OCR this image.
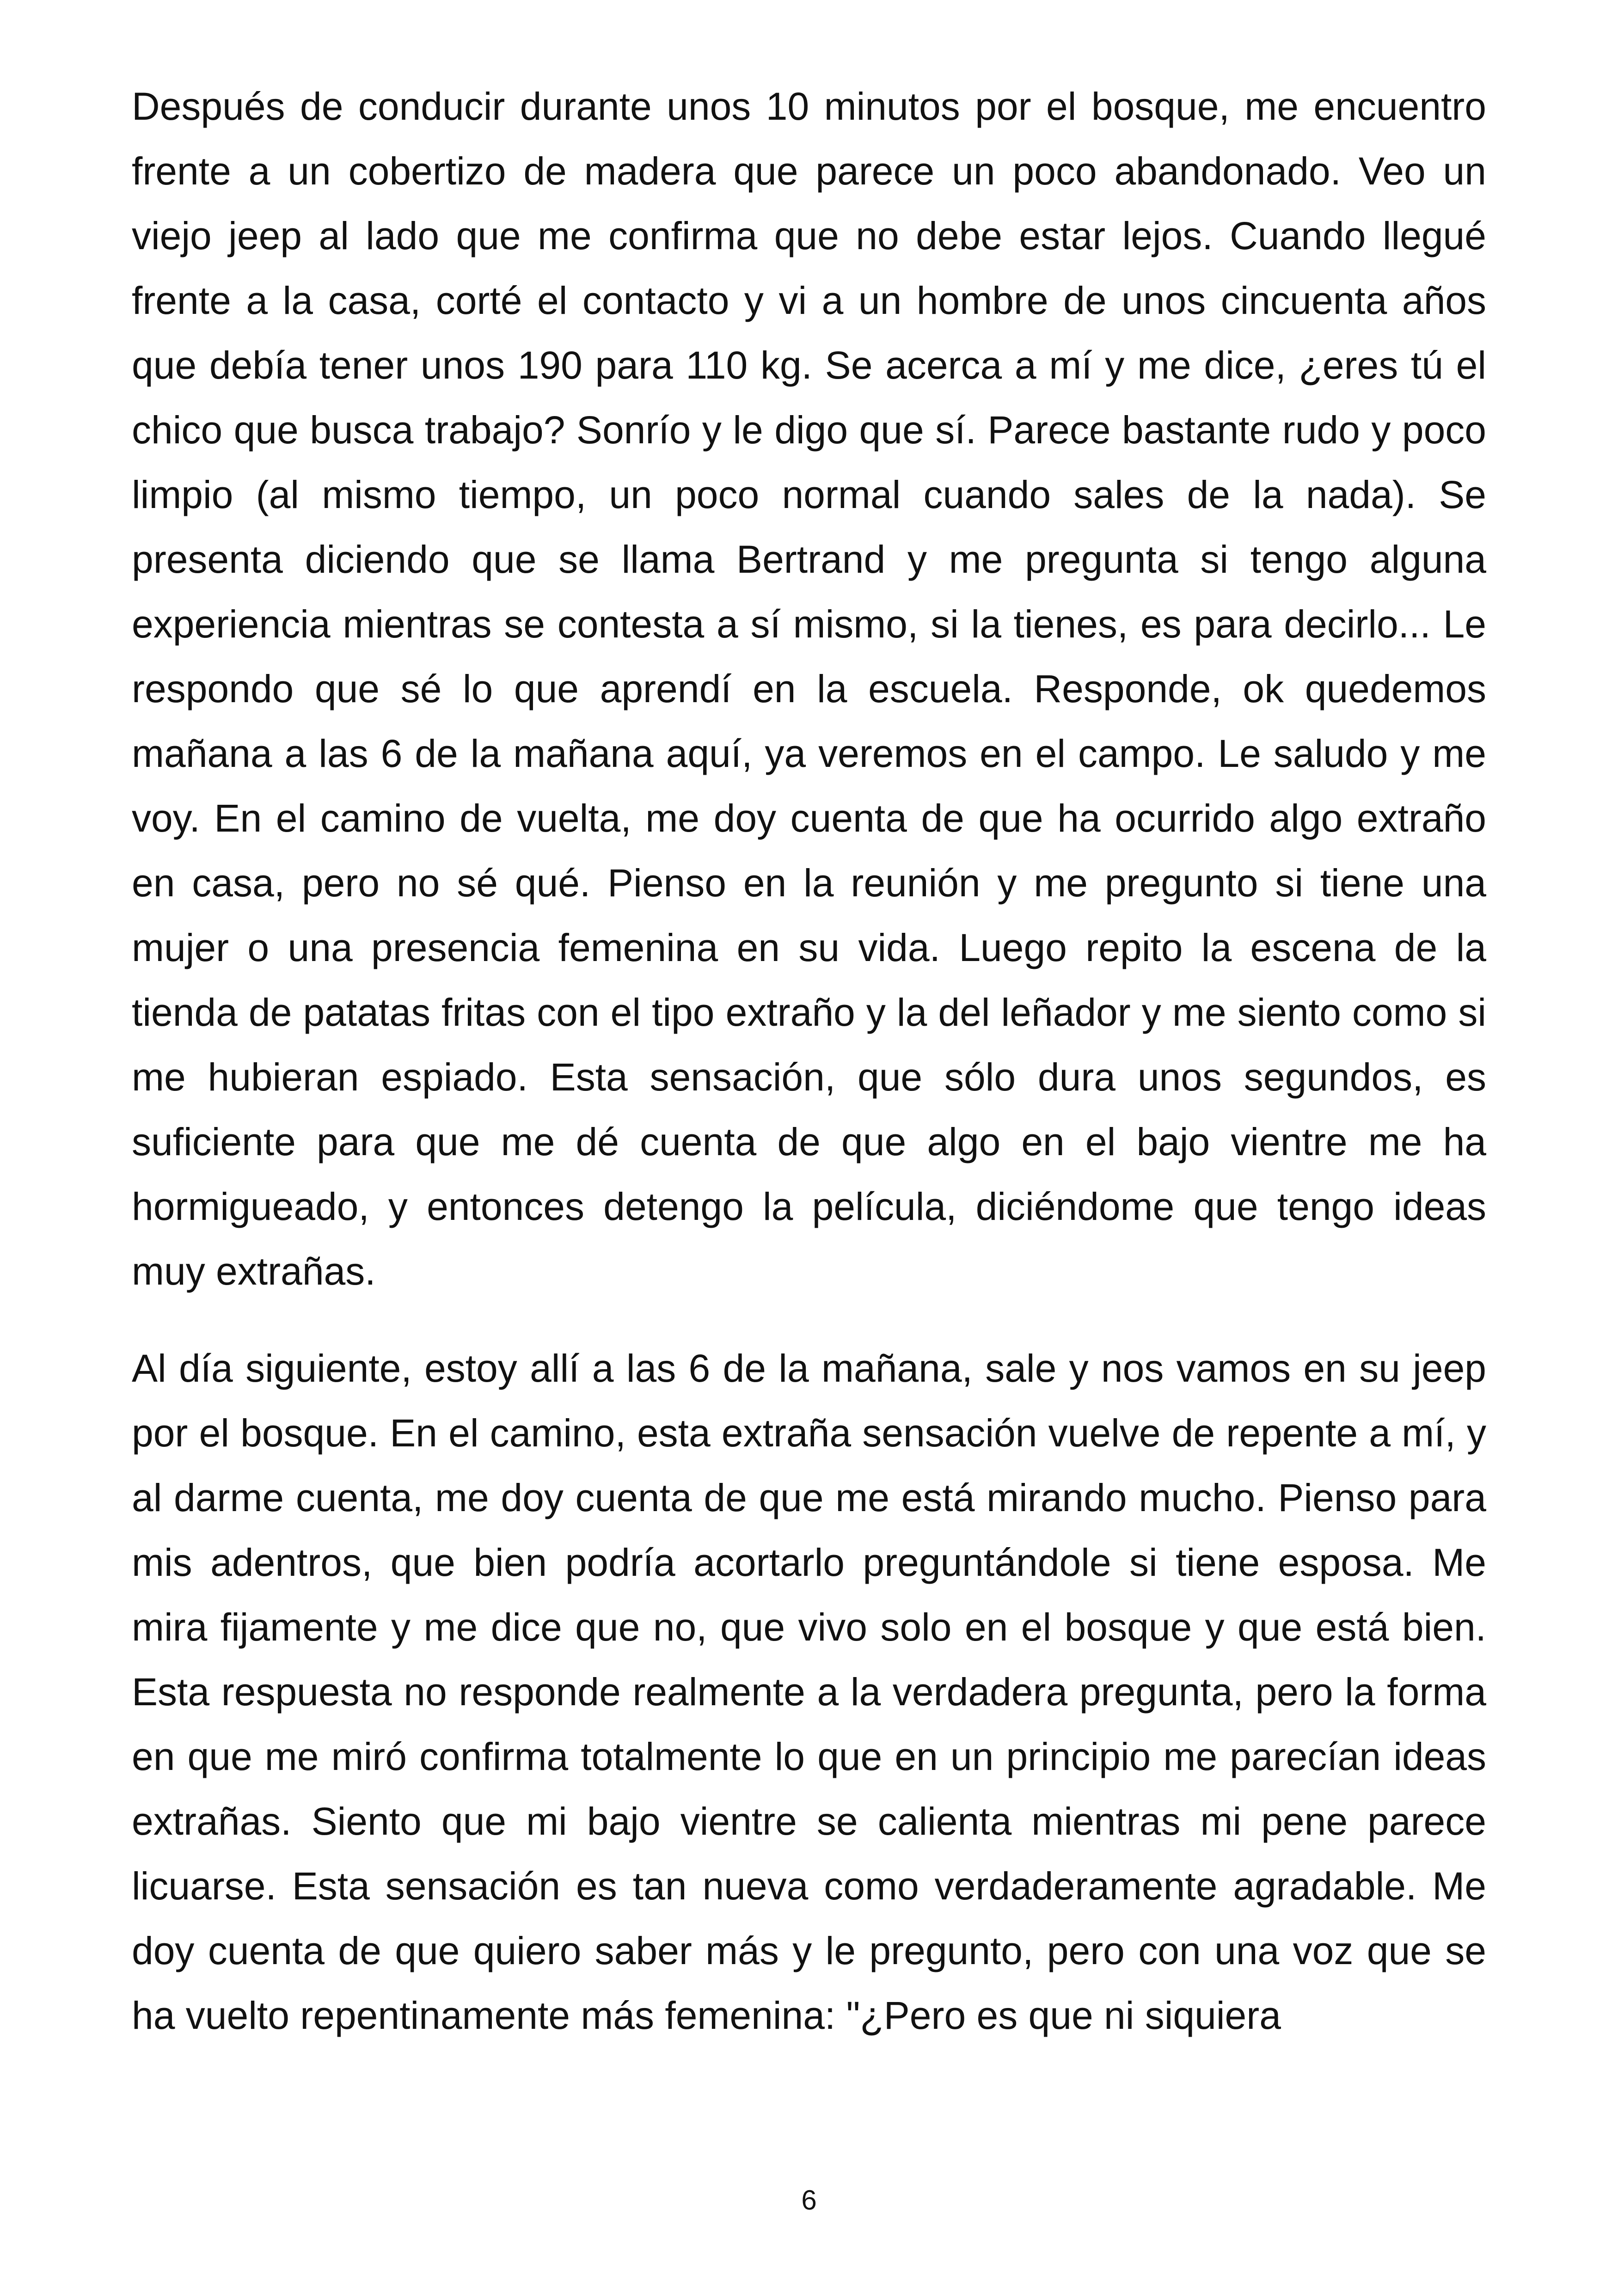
Después de conducir durante unos 10 minutos por el bosque, me encuentro frente a un cobertizo de madera que parece un poco abandonado. Veo un viejo jeep al lado que me confirma que no debe estar lejos. Cuando llegué frente a la casa, corté el contacto y vi a un hombre de unos cincuenta años que debía tener unos 190 para 110 kg. Se acerca a mí y me dice, ¿eres tú el chico que busca trabajo? Sonrío y le digo que sí. Parece bastante rudo y poco limpio (al mismo tiempo, un poco normal cuando sales de la nada). Se presenta diciendo que se llama Bertrand y me pregunta si tengo alguna experiencia mientras se contesta a sí mismo, si la tienes, es para decirlo... Le respondo que sé lo que aprendí en la escuela. Responde, ok quedemos mañana a las 6 de la mañana aquí, ya veremos en el campo. Le saludo y me voy. En el camino de vuelta, me doy cuenta de que ha ocurrido algo extraño en casa, pero no sé qué. Pienso en la reunión y me pregunto si tiene una mujer o una presencia femenina en su vida. Luego repito la escena de la tienda de patatas fritas con el tipo extraño y la del leñador y me siento como si me hubieran espiado. Esta sensación, que sólo dura unos segundos, es suficiente para que me dé cuenta de que algo en el bajo vientre me ha hormigueado, y entonces detengo la película, diciéndome que tengo ideas muy extrañas.

Al día siguiente, estoy allí a las 6 de la mañana, sale y nos vamos en su jeep por el bosque. En el camino, esta extraña sensación vuelve de repente a mí, y al darme cuenta, me doy cuenta de que me está mirando mucho. Pienso para mis adentros, que bien podría acortarlo preguntándole si tiene esposa. Me mira fijamente y me dice que no, que vivo solo en el bosque y que está bien. Esta respuesta no responde realmente a la verdadera pregunta, pero la forma en que me miró confirma totalmente lo que en un principio me parecían ideas extrañas. Siento que mi bajo vientre se calienta mientras mi pene parece licuarse. Esta sensación es tan nueva como verdaderamente agradable. Me doy cuenta de que quiero saber más y le pregunto, pero con una voz que se ha vuelto repentinamente más femenina: "¿Pero es que ni siquiera

6
